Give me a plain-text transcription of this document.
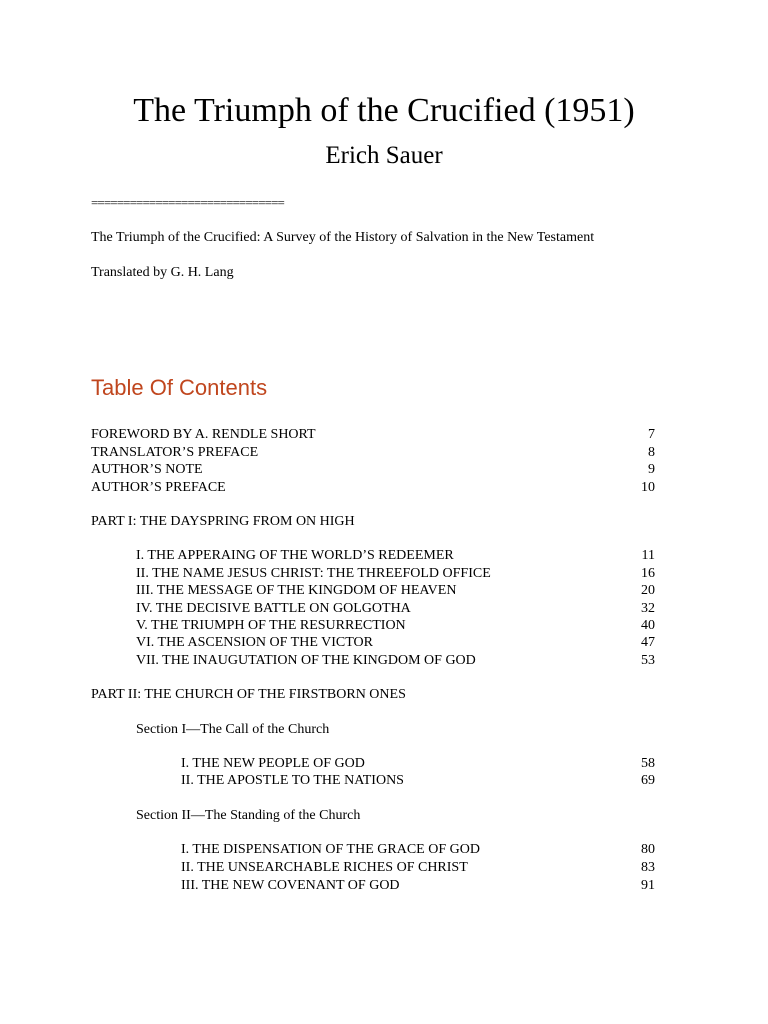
The Triumph of the Crucified (1951)
Erich Sauer
==============================
The Triumph of the Crucified: A Survey of the History of Salvation in the New Testament
Translated by G. H. Lang
Table Of Contents
FOREWORD BY A. RENDLE SHORT	7
TRANSLATOR’S PREFACE	8
AUTHOR’S NOTE	9
AUTHOR’S PREFACE	10
PART I: THE DAYSPRING FROM ON HIGH
I. THE APPERAING OF THE WORLD’S REDEEMER	11
II. THE NAME JESUS CHRIST: THE THREEFOLD OFFICE	16
III. THE MESSAGE OF THE KINGDOM OF HEAVEN	20
IV. THE DECISIVE BATTLE ON GOLGOTHA	32
V. THE TRIUMPH OF THE RESURRECTION	40
VI. THE ASCENSION OF THE VICTOR	47
VII. THE INAUGUTATION OF THE KINGDOM OF GOD	53
PART II: THE CHURCH OF THE FIRSTBORN ONES
Section I—The Call of the Church
I. THE NEW PEOPLE OF GOD	58
II. THE APOSTLE TO THE NATIONS	69
Section II—The Standing of the Church
I. THE DISPENSATION OF THE GRACE OF GOD	80
II. THE UNSEARCHABLE RICHES OF CHRIST	83
III. THE NEW COVENANT OF GOD	91
